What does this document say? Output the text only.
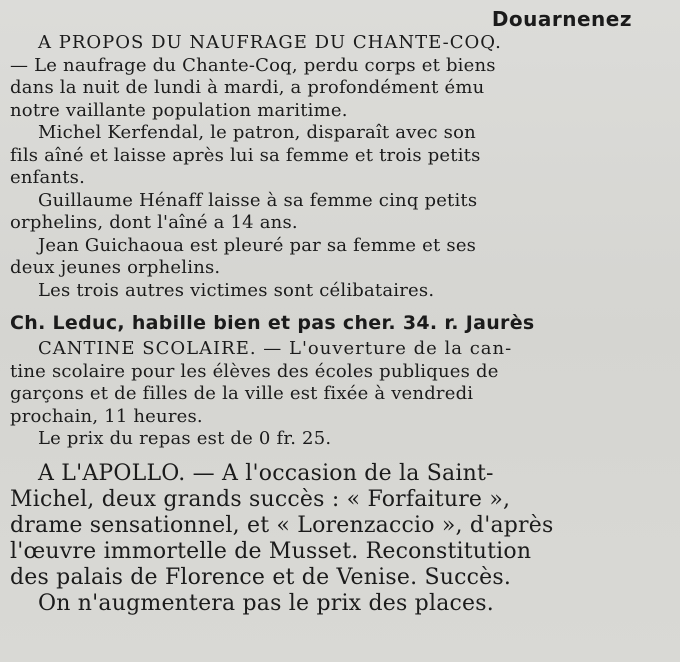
Douarnenez
A PROPOS DU NAUFRAGE DU CHANTE-COQ.
— Le naufrage du Chante-Coq, perdu corps et biens
dans la nuit de lundi à mardi, a profondément ému
notre vaillante population maritime.
Michel Kerfendal, le patron, disparaît avec son
fils aîné et laisse après lui sa femme et trois petits
enfants.
Guillaume Hénaff laisse à sa femme cinq petits
orphelins, dont l'aîné a 14 ans.
Jean Guichaoua est pleuré par sa femme et ses
deux jeunes orphelins.
Les trois autres victimes sont célibataires.
Ch. Leduc, habille bien et pas cher. 34. r. Jaurès
CANTINE SCOLAIRE. — L'ouverture de la can-
tine scolaire pour les élèves des écoles publiques de
garçons et de filles de la ville est fixée à vendredi
prochain, 11 heures.
Le prix du repas est de 0 fr. 25.
A L'APOLLO. — A l'occasion de la Saint-
Michel, deux grands succès : « Forfaiture »,
drame sensationnel, et « Lorenzaccio », d'après
l'œuvre immortelle de Musset. Reconstitution
des palais de Florence et de Venise. Succès.
On n'augmentera pas le prix des places.
